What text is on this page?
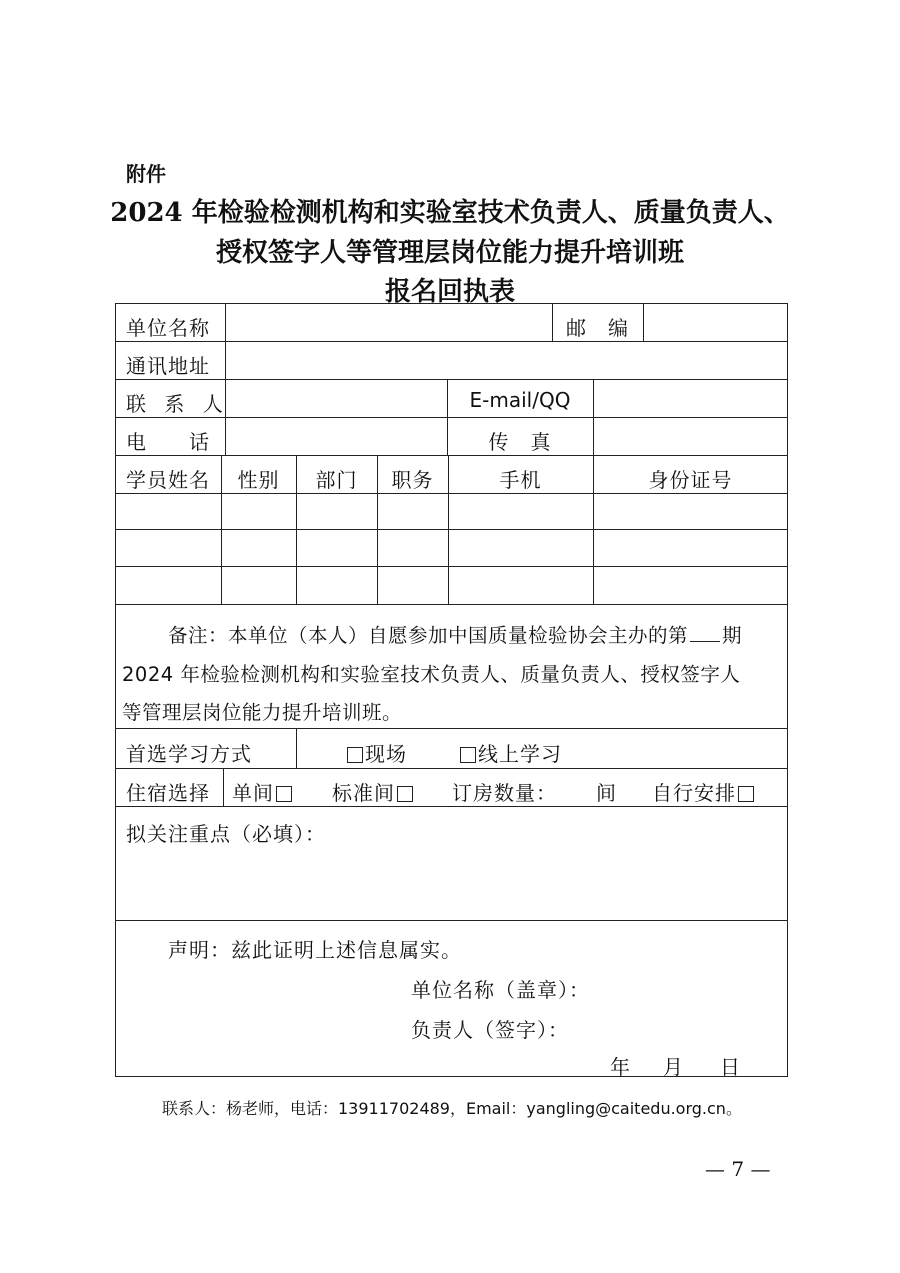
附件
2024 年检验检测机构和实验室技术负责人、质量负责人、
授权签字人等管理层岗位能力提升培训班
报名回执表
单位名称	邮　编
通讯地址
联 系 人	E-mail/QQ
电　　话	传　真
学员姓名	性别	部门	职务	手机	身份证号
备注：本单位（本人）自愿参加中国质量检验协会主办的第 期
2024 年检验检测机构和实验室技术负责人、质量负责人、授权签字人
等管理层岗位能力提升培训班。
首选学习方式	现场	线上学习
住宿选择 单间	标准间	订房数量： 间 自行安排
拟关注重点（必填）：
声明：兹此证明上述信息属实。
单位名称（盖章）：
负责人（签字）：
年 月 日
联系人：杨老师，电话：13911702489，Email：yangling@caitedu.org.cn。
— 7 —
